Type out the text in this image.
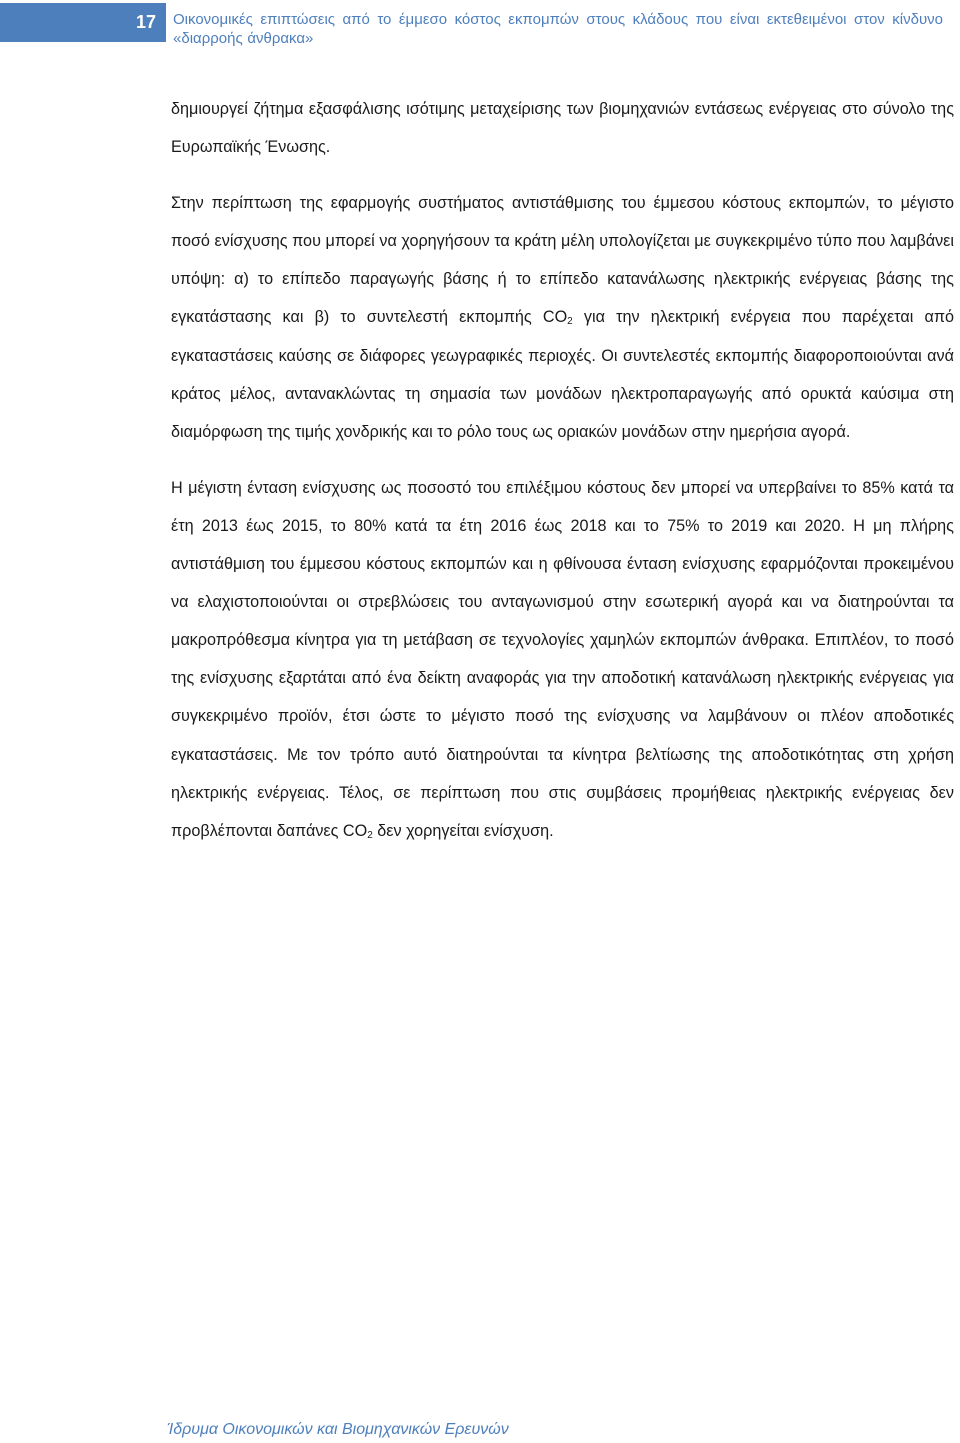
17	Οικονομικές επιπτώσεις από το έμμεσο κόστος εκπομπών στους κλάδους που είναι εκτεθειμένοι στον κίνδυνο «διαρροής άνθρακα»

δημιουργεί ζήτημα εξασφάλισης ισότιμης μεταχείρισης των βιομηχανιών εντάσεως ενέργειας στο σύνολο της Ευρωπαϊκής Ένωσης.

Στην περίπτωση της εφαρμογής συστήματος αντιστάθμισης του έμμεσου κόστους εκπομπών, το μέγιστο ποσό ενίσχυσης που μπορεί να χορηγήσουν τα κράτη μέλη υπολογίζεται με συγκεκριμένο τύπο που λαμβάνει υπόψη: α) το επίπεδο παραγωγής βάσης ή το επίπεδο κατανάλωσης ηλεκτρικής ενέργειας βάσης της εγκατάστασης και β) το συντελεστή εκπομπής $CO_2$ για την ηλεκτρική ενέργεια που παρέχεται από εγκαταστάσεις καύσης σε διάφορες γεωγραφικές περιοχές. Οι συντελεστές εκπομπής διαφοροποιούνται ανά κράτος μέλος, αντανακλώντας τη σημασία των μονάδων ηλεκτροπαραγωγής από ορυκτά καύσιμα στη διαμόρφωση της τιμής χονδρικής και το ρόλο τους ως οριακών μονάδων στην ημερήσια αγορά.

Η μέγιστη ένταση ενίσχυσης ως ποσοστό του επιλέξιμου κόστους δεν μπορεί να υπερβαίνει το 85% κατά τα έτη 2013 έως 2015, το 80% κατά τα έτη 2016 έως 2018 και το 75% το 2019 και 2020. Η μη πλήρης αντιστάθμιση του έμμεσου κόστους εκπομπών και η φθίνουσα ένταση ενίσχυσης εφαρμόζονται προκειμένου να ελαχιστοποιούνται οι στρεβλώσεις του ανταγωνισμού στην εσωτερική αγορά και να διατηρούνται τα μακροπρόθεσμα κίνητρα για τη μετάβαση σε τεχνολογίες χαμηλών εκπομπών άνθρακα. Επιπλέον, το ποσό της ενίσχυσης εξαρτάται από ένα δείκτη αναφοράς για την αποδοτική κατανάλωση ηλεκτρικής ενέργειας για συγκεκριμένο προϊόν, έτσι ώστε το μέγιστο ποσό της ενίσχυσης να λαμβάνουν οι πλέον αποδοτικές εγκαταστάσεις. Με τον τρόπο αυτό διατηρούνται τα κίνητρα βελτίωσης της αποδοτικότητας στη χρήση ηλεκτρικής ενέργειας. Τέλος, σε περίπτωση που στις συμβάσεις προμήθειας ηλεκτρικής ενέργειας δεν προβλέπονται δαπάνες $CO_2$ δεν χορηγείται ενίσχυση.

Ίδρυμα Οικονομικών και Βιομηχανικών Ερευνών
